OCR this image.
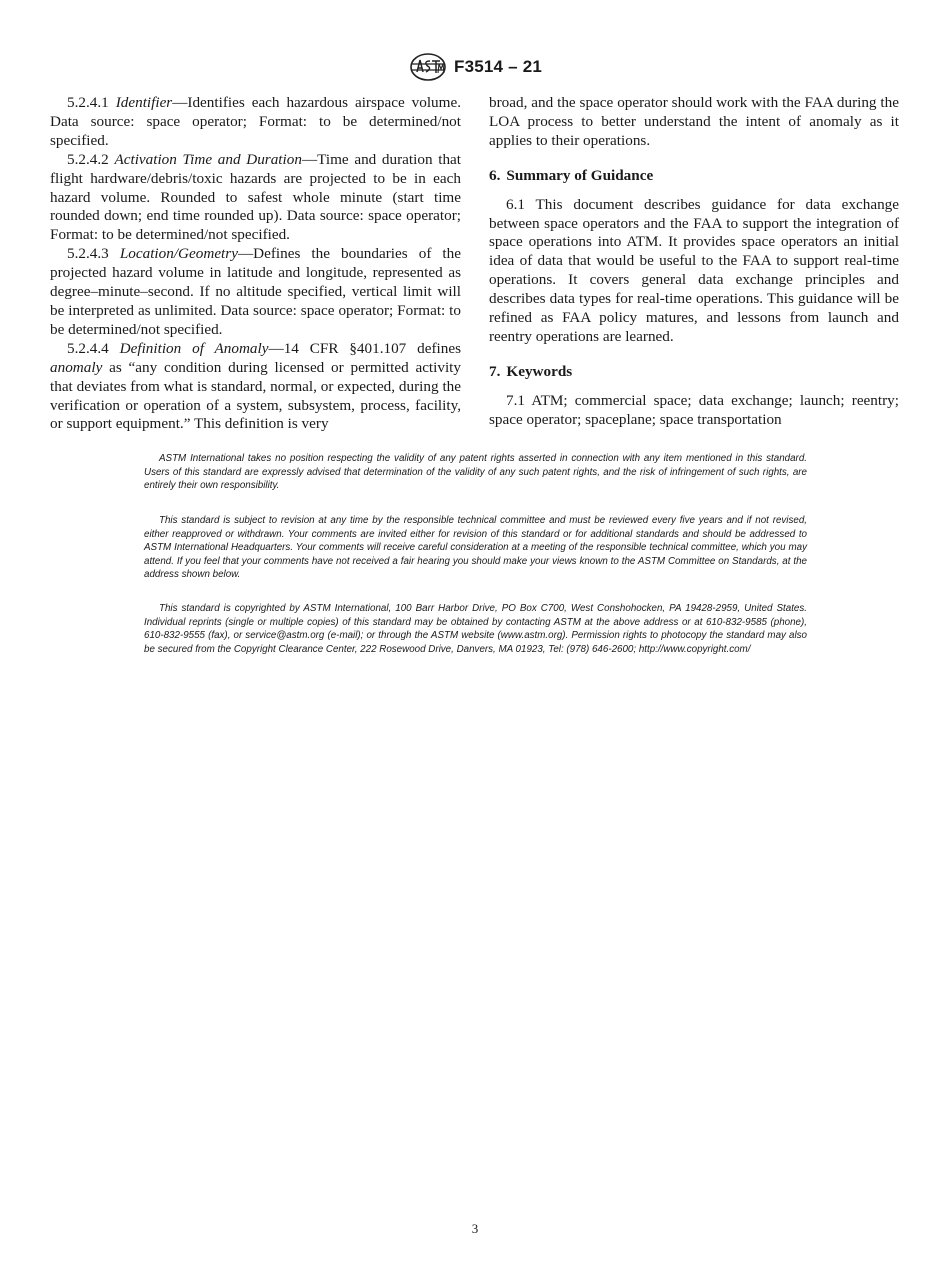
F3514 – 21

5.2.4.1 Identifier—Identifies each hazardous airspace volume. Data source: space operator; Format: to be determined/not specified.

5.2.4.2 Activation Time and Duration—Time and duration that flight hardware/debris/toxic hazards are projected to be in each hazard volume. Rounded to safest whole minute (start time rounded down; end time rounded up). Data source: space operator; Format: to be determined/not specified.

5.2.4.3 Location/Geometry—Defines the boundaries of the projected hazard volume in latitude and longitude, represented as degree–minute–second. If no altitude specified, vertical limit will be interpreted as unlimited. Data source: space operator; Format: to be determined/not specified.

5.2.4.4 Definition of Anomaly—14 CFR §401.107 defines anomaly as “any condition during licensed or permitted activity that deviates from what is standard, normal, or expected, during the verification or operation of a system, subsystem, process, facility, or support equipment.” This definition is very

broad, and the space operator should work with the FAA during the LOA process to better understand the intent of anomaly as it applies to their operations.

6. Summary of Guidance

6.1 This document describes guidance for data exchange between space operators and the FAA to support the integration of space operations into ATM. It provides space operators an initial idea of data that would be useful to the FAA to support real-time operations. It covers general data exchange principles and describes data types for real-time operations. This guidance will be refined as FAA policy matures, and lessons from launch and reentry operations are learned.

7. Keywords

7.1 ATM; commercial space; data exchange; launch; reentry; space operator; spaceplane; space transportation

ASTM International takes no position respecting the validity of any patent rights asserted in connection with any item mentioned in this standard. Users of this standard are expressly advised that determination of the validity of any such patent rights, and the risk of infringement of such rights, are entirely their own responsibility.

This standard is subject to revision at any time by the responsible technical committee and must be reviewed every five years and if not revised, either reapproved or withdrawn. Your comments are invited either for revision of this standard or for additional standards and should be addressed to ASTM International Headquarters. Your comments will receive careful consideration at a meeting of the responsible technical committee, which you may attend. If you feel that your comments have not received a fair hearing you should make your views known to the ASTM Committee on Standards, at the address shown below.

This standard is copyrighted by ASTM International, 100 Barr Harbor Drive, PO Box C700, West Conshohocken, PA 19428-2959, United States. Individual reprints (single or multiple copies) of this standard may be obtained by contacting ASTM at the above address or at 610-832-9585 (phone), 610-832-9555 (fax), or service@astm.org (e-mail); or through the ASTM website (www.astm.org). Permission rights to photocopy the standard may also be secured from the Copyright Clearance Center, 222 Rosewood Drive, Danvers, MA 01923, Tel: (978) 646-2600; http://www.copyright.com/

3
